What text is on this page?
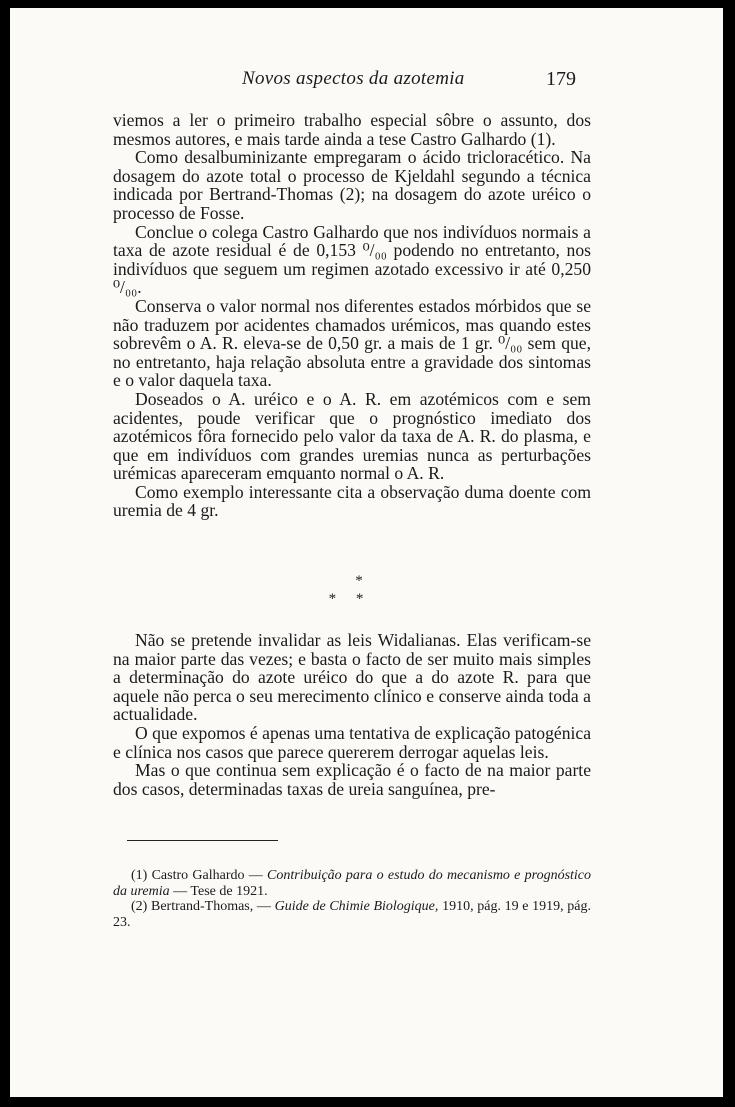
Novos aspectos da azotemia	179

viemos a ler o primeiro trabalho especial sôbre o assunto, dos mesmos autores, e mais tarde ainda a tese Castro Galhardo (1).

Como desalbuminizante empregaram o ácido tricloracético. Na dosagem do azote total o processo de Kjeldahl segundo a técnica indicada por Bertrand-Thomas (2); na dosagem do azote uréico o processo de Fosse.

Conclue o colega Castro Galhardo que nos indivíduos normais a taxa de azote residual é de 0,153 ⁰/₀₀ podendo no entretanto, nos indivíduos que seguem um regimen azotado excessivo ir até 0,250 ⁰/₀₀.

Conserva o valor normal nos diferentes estados mórbidos que se não traduzem por acidentes chamados urémicos, mas quando estes sobrevêm o A. R. eleva-se de 0,50 gr. a mais de 1 gr. ⁰/₀₀ sem que, no entretanto, haja relação absoluta entre a gravidade dos sintomas e o valor daquela taxa.

Doseados o A. uréico e o A. R. em azotémicos com e sem acidentes, poude verificar que o prognóstico imediato dos azotémicos fôra fornecido pelo valor da taxa de A. R. do plasma, e que em indivíduos com grandes uremias nunca as perturbações urémicas apareceram emquanto normal o A. R.

Como exemplo interessante cita a observação duma doente com uremia de 4 gr.

*
* *

Não se pretende invalidar as leis Widalianas. Elas verificam-se na maior parte das vezes; e basta o facto de ser muito mais simples a determinação do azote uréico do que a do azote R. para que aquele não perca o seu merecimento clínico e conserve ainda toda a actualidade.

O que expomos é apenas uma tentativa de explicação patogénica e clínica nos casos que parece quererem derrogar aquelas leis.

Mas o que continua sem explicação é o facto de na maior parte dos casos, determinadas taxas de ureia sanguínea, pre-

(1) Castro Galhardo — Contribuição para o estudo do mecanismo e prognóstico da uremia — Tese de 1921.

(2) Bertrand-Thomas, — Guide de Chimie Biologique, 1910, pág. 19 e 1919, pág. 23.
